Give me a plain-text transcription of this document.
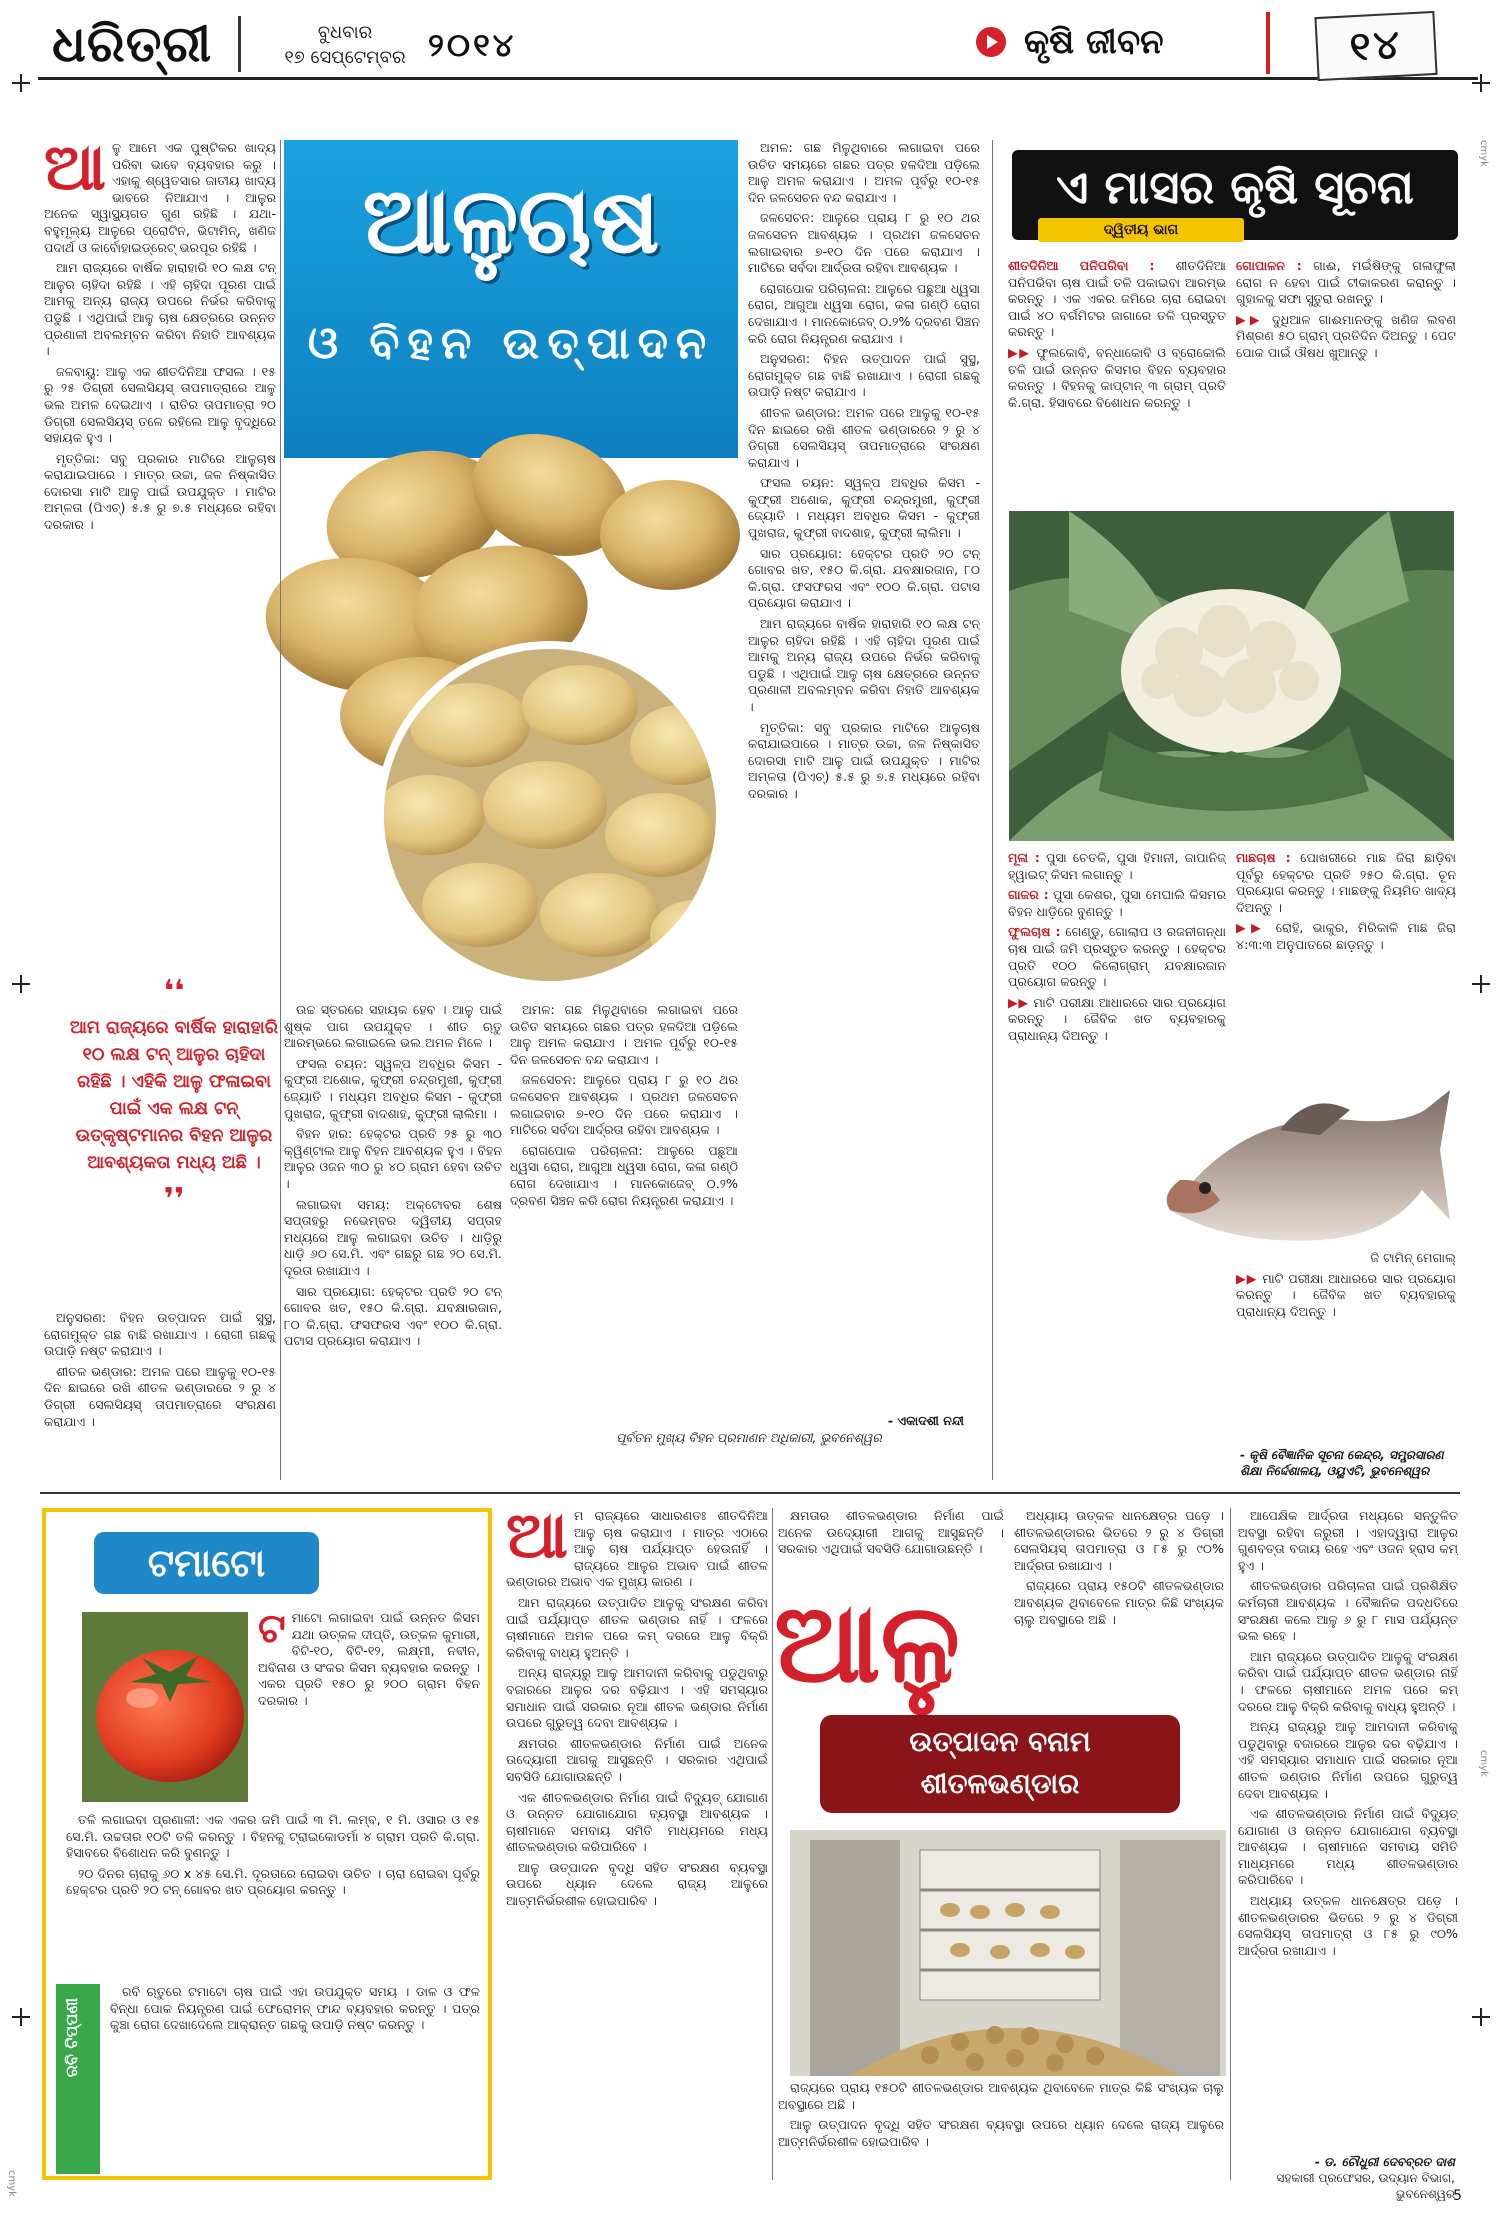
ଧରିତ୍ରୀ	ବୁଧବାର
୧୭ ସେପ୍ଟେମ୍ବର ୨୦୧୪	କୃଷି ଜୀବନ	୧୪
cmyk
cmyk
cmyk
ଆଳୁଚାଷ
ଓ ବିହନ ଉତ୍ପାଦନ
ଆ ଳୁ ଆମେ ଏକ ପୁଷ୍ଟିକର ଖାଦ୍ୟ ପରିବା ଭାବେ ବ୍ୟବହାର କରୁ । ଏହାକୁ ଶ୍ୱେତସାର ଜାତୀୟ ଖାଦ୍ୟ ଭାବରେ ନିଆଯାଏ । ଆଳୁର ଅନେକ ସ୍ୱାସ୍ଥ୍ୟଗତ ଗୁଣ ରହିଛି । ଯଥା- ବହୁମୂଲ୍ୟ ଆଳୁରେ ପ୍ରୋଟିନ, ଭିଟାମିନ୍, ଖଣିଜ ପଦାର୍ଥ ଓ କାର୍ବୋହାଇଡ୍ରେଟ୍ ଭରପୂର ରହିଛି ।

ଆମ ରାଜ୍ୟରେ ବାର୍ଷିକ ହାରାହାରି ୧୦ ଲକ୍ଷ ଟନ୍ ଆଳୁର ଚାହିଦା ରହିଛି । ଏହି ଚାହିଦା ପୂରଣ ପାଇଁ ଆମକୁ ଅନ୍ୟ ରାଜ୍ୟ ଉପରେ ନିର୍ଭର କରିବାକୁ ପଡୁଛି । ଏଥିପାଇଁ ଆଳୁ ଚାଷ କ୍ଷେତ୍ରରେ ଉନ୍ନତ ପ୍ରଣାଳୀ ଅବଲମ୍ବନ କରିବା ନିହାତି ଆବଶ୍ୟକ ।

ଜଳବାୟୁ: ଆଳୁ ଏକ ଶୀତଦିନିଆ ଫସଲ । ୧୫ ରୁ ୨୫ ଡିଗ୍ରୀ ସେଲସିୟସ୍ ତାପମାତ୍ରାରେ ଆଳୁ ଭଲ ଅମଳ ଦେଇଥାଏ । ରାତିର ତାପମାତ୍ରା ୨୦ ଡିଗ୍ରୀ ସେଲସିୟସ୍ ତଳେ ରହିଲେ ଆଳୁ ବୃଦ୍ଧିରେ ସହାୟକ ହୁଏ ।

ମୃତ୍ତିକା: ସବୁ ପ୍ରକାର ମାଟିରେ ଆଳୁଚାଷ କରାଯାଇପାରେ । ମାତ୍ର ଉଚ୍ଚା, ଜଳ ନିଷ୍କାସିତ ଦୋରସା ମାଟି ଆଳୁ ପାଇଁ ଉପଯୁକ୍ତ । ମାଟିର ଅମ୍ଳତା (ପିଏଚ୍) ୫.୫ ରୁ ୭.୫ ମଧ୍ୟରେ ରହିବା ଦରକାର ।

❛❛
ଆମ ରାଜ୍ୟରେ ବାର୍ଷିକ ହାରାହାରି ୧୦ ଲକ୍ଷ ଟନ୍ ଆଳୁର ଚାହିଦା ରହିଛି । ଏହିକି ଆଳୁ ଫଳାଇବା ପାଇଁ ଏକ ଲକ୍ଷ ଟନ୍ ଉତ୍କୃଷ୍ଟମାନର ବିହନ ଆଳୁର ଆବଶ୍ୟକତା ମଧ୍ୟ ଅଛି ।
❜❜

ଅନୁସରଣ: ବିହନ ଉତ୍ପାଦନ ପାଇଁ ସୁସ୍ଥ, ରୋଗମୁକ୍ତ ଗଛ ବାଛି ରଖାଯାଏ । ରୋଗୀ ଗଛକୁ ଉପାଡ଼ି ନଷ୍ଟ କରାଯାଏ ।

ଶୀତଳ ଭଣ୍ଡାର: ଅମଳ ପରେ ଆଳୁକୁ ୧୦-୧୫ ଦିନ ଛାଇରେ ରଖି ଶୀତଳ ଭଣ୍ଡାରରେ ୨ ରୁ ୪ ଡିଗ୍ରୀ ସେଲସିୟସ୍ ତାପମାତ୍ରାରେ ସଂରକ୍ଷଣ କରାଯାଏ ।

ଉଚ୍ଚ ସ୍ତରରେ ସହାୟକ ହେବ । ଆଳୁ ପାଇଁ ଶୁଷ୍କ ପାଗ ଉପଯୁକ୍ତ । ଶୀତ ଋତୁ ଆରମ୍ଭରେ ଲଗାଇଲେ ଭଲ ଅମଳ ମିଳେ ।

ଫସଲ ଚୟନ: ସ୍ୱଳ୍ପ ଅବଧିର କିସମ - କୁଫ୍ରୀ ଅଶୋକ, କୁଫ୍ରୀ ଚନ୍ଦ୍ରମୁଖୀ, କୁଫ୍ରୀ ଜ୍ୟୋତି । ମଧ୍ୟମ ଅବଧିର କିସମ - କୁଫ୍ରୀ ପୁଖରାଜ, କୁଫ୍ରୀ ବାଦଶାହ, କୁଫ୍ରୀ ଲାଲିମା ।

ବିହନ ହାର: ହେକ୍ଟର ପ୍ରତି ୨୫ ରୁ ୩୦ କ୍ୱିଣ୍ଟାଲ ଆଳୁ ବିହନ ଆବଶ୍ୟକ ହୁଏ । ବିହନ ଆଳୁର ଓଜନ ୩୦ ରୁ ୪୦ ଗ୍ରାମ ହେବା ଉଚିତ ।

ଲଗାଇବା ସମୟ: ଅକ୍ଟୋବର ଶେଷ ସପ୍ତାହରୁ ନଭେମ୍ବର ଦ୍ୱିତୀୟ ସପ୍ତାହ ମଧ୍ୟରେ ଆଳୁ ଲଗାଇବା ଉଚିତ । ଧାଡ଼ିରୁ ଧାଡ଼ି ୬୦ ସେ.ମି. ଏବଂ ଗଛରୁ ଗଛ ୨୦ ସେ.ମି. ଦୂରତା ରଖାଯାଏ ।

ସାର ପ୍ରୟୋଗ: ହେକ୍ଟର ପ୍ରତି ୨୦ ଟନ୍ ଗୋବର ଖତ, ୧୫୦ କି.ଗ୍ରା. ଯବକ୍ଷାରଜାନ, ୮୦ କି.ଗ୍ରା. ଫସଫରସ ଏବଂ ୧୦୦ କି.ଗ୍ରା. ପଟାସ ପ୍ରୟୋଗ କରାଯାଏ ।

ଅମଳ: ଗଛ ମିଳୁଥିବାରେ ଲଗାଇବା ପରେ ଉଚିତ ସମୟରେ ଗଛର ପତ୍ର ହଳଦିଆ ପଡ଼ିଲେ ଆଳୁ ଅମଳ କରାଯାଏ । ଅମଳ ପୂର୍ବରୁ ୧୦-୧୫ ଦିନ ଜଳସେଚନ ବନ୍ଦ କରାଯାଏ ।

ଜଳସେଚନ: ଆଳୁରେ ପ୍ରାୟ ୮ ରୁ ୧୦ ଥର ଜଳସେଚନ ଆବଶ୍ୟକ । ପ୍ରଥମ ଜଳସେଚନ ଲଗାଇବାର ୭-୧୦ ଦିନ ପରେ କରାଯାଏ । ମାଟିରେ ସର୍ବଦା ଆର୍ଦ୍ରତା ରହିବା ଆବଶ୍ୟକ ।

ରୋଗପୋକ ପରିଚାଳନା: ଆଳୁରେ ପଛୁଆ ଧ୍ୱସା ରୋଗ, ଆଗୁଆ ଧ୍ୱସା ରୋଗ, କଳା ଗଣ୍ଠି ରୋଗ ଦେଖାଯାଏ । ମାନକୋଜେବ୍ ୦.୨% ଦ୍ରବଣ ସିଞ୍ଚନ କରି ରୋଗ ନିୟନ୍ତ୍ରଣ କରାଯାଏ ।

ଅମଳ: ଗଛ ମିଳୁଥିବାରେ ଲଗାଇବା ପରେ ଉଚିତ ସମୟରେ ଗଛର ପତ୍ର ହଳଦିଆ ପଡ଼ିଲେ ଆଳୁ ଅମଳ କରାଯାଏ । ଅମଳ ପୂର୍ବରୁ ୧୦-୧୫ ଦିନ ଜଳସେଚନ ବନ୍ଦ କରାଯାଏ ।

ଜଳସେଚନ: ଆଳୁରେ ପ୍ରାୟ ୮ ରୁ ୧୦ ଥର ଜଳସେଚନ ଆବଶ୍ୟକ । ପ୍ରଥମ ଜଳସେଚନ ଲଗାଇବାର ୭-୧୦ ଦିନ ପରେ କରାଯାଏ । ମାଟିରେ ସର୍ବଦା ଆର୍ଦ୍ରତା ରହିବା ଆବଶ୍ୟକ ।

ରୋଗପୋକ ପରିଚାଳନା: ଆଳୁରେ ପଛୁଆ ଧ୍ୱସା ରୋଗ, ଆଗୁଆ ଧ୍ୱସା ରୋଗ, କଳା ଗଣ୍ଠି ରୋଗ ଦେଖାଯାଏ । ମାନକୋଜେବ୍ ୦.୨% ଦ୍ରବଣ ସିଞ୍ଚନ କରି ରୋଗ ନିୟନ୍ତ୍ରଣ କରାଯାଏ ।

ଅନୁସରଣ: ବିହନ ଉତ୍ପାଦନ ପାଇଁ ସୁସ୍ଥ, ରୋଗମୁକ୍ତ ଗଛ ବାଛି ରଖାଯାଏ । ରୋଗୀ ଗଛକୁ ଉପାଡ଼ି ନଷ୍ଟ କରାଯାଏ ।

ଶୀତଳ ଭଣ୍ଡାର: ଅମଳ ପରେ ଆଳୁକୁ ୧୦-୧୫ ଦିନ ଛାଇରେ ରଖି ଶୀତଳ ଭଣ୍ଡାରରେ ୨ ରୁ ୪ ଡିଗ୍ରୀ ସେଲସିୟସ୍ ତାପମାତ୍ରାରେ ସଂରକ୍ଷଣ କରାଯାଏ ।

ଫସଲ ଚୟନ: ସ୍ୱଳ୍ପ ଅବଧିର କିସମ - କୁଫ୍ରୀ ଅଶୋକ, କୁଫ୍ରୀ ଚନ୍ଦ୍ରମୁଖୀ, କୁଫ୍ରୀ ଜ୍ୟୋତି । ମଧ୍ୟମ ଅବଧିର କିସମ - କୁଫ୍ରୀ ପୁଖରାଜ, କୁଫ୍ରୀ ବାଦଶାହ, କୁଫ୍ରୀ ଲାଲିମା ।

ସାର ପ୍ରୟୋଗ: ହେକ୍ଟର ପ୍ରତି ୨୦ ଟନ୍ ଗୋବର ଖତ, ୧୫୦ କି.ଗ୍ରା. ଯବକ୍ଷାରଜାନ, ୮୦ କି.ଗ୍ରା. ଫସଫରସ ଏବଂ ୧୦୦ କି.ଗ୍ରା. ପଟାସ ପ୍ରୟୋଗ କରାଯାଏ ।

ଆମ ରାଜ୍ୟରେ ବାର୍ଷିକ ହାରାହାରି ୧୦ ଲକ୍ଷ ଟନ୍ ଆଳୁର ଚାହିଦା ରହିଛି । ଏହି ଚାହିଦା ପୂରଣ ପାଇଁ ଆମକୁ ଅନ୍ୟ ରାଜ୍ୟ ଉପରେ ନିର୍ଭର କରିବାକୁ ପଡୁଛି । ଏଥିପାଇଁ ଆଳୁ ଚାଷ କ୍ଷେତ୍ରରେ ଉନ୍ନତ ପ୍ରଣାଳୀ ଅବଲମ୍ବନ କରିବା ନିହାତି ଆବଶ୍ୟକ ।

ମୃତ୍ତିକା: ସବୁ ପ୍ରକାର ମାଟିରେ ଆଳୁଚାଷ କରାଯାଇପାରେ । ମାତ୍ର ଉଚ୍ଚା, ଜଳ ନିଷ୍କାସିତ ଦୋରସା ମାଟି ଆଳୁ ପାଇଁ ଉପଯୁକ୍ତ । ମାଟିର ଅମ୍ଳତା (ପିଏଚ୍) ୫.୫ ରୁ ୭.୫ ମଧ୍ୟରେ ରହିବା ଦରକାର ।

- ଏକାଦଶୀ ନନ୍ଦୀ
ପୂର୍ବତନ ମୁଖ୍ୟ ବିହନ ପ୍ରମାଣନ ଅଧିକାରୀ, ଭୁବନେଶ୍ୱର
ଏ ମାସର କୃଷି ସୂଚନା
ଦ୍ୱିତୀୟ ଭାଗ

ଶୀତଦିନିଆ ପନିପରିବା : ଶୀତଦିନିଆ ପନିପରିବା ଚାଷ ପାଇଁ ତଳି ପକାଇବା ଆରମ୍ଭ କରନ୍ତୁ । ଏକ ଏକର ଜମିରେ ଚାରା ରୋଇବା ପାଇଁ ୪୦ ବର୍ଗମିଟର ଜାଗାରେ ତଳି ପ୍ରସ୍ତୁତ କରନ୍ତୁ ।

▶▶ ଫୁଲକୋବି, ବନ୍ଧାକୋବି ଓ ବ୍ରୋକୋଲି ତଳି ପାଇଁ ଉନ୍ନତ କିସମର ବିହନ ବ୍ୟବହାର କରନ୍ତୁ । ବିହନକୁ କାପ୍ଟାନ୍ ୩ ଗ୍ରାମ୍ ପ୍ରତି କି.ଗ୍ରା. ହିସାବରେ ବିଶୋଧନ କରନ୍ତୁ ।

ଗୋପାଳନ : ଗାଈ, ମଇଁଷିଙ୍କୁ ଗଳାଫୁଲା ରୋଗ ନ ହେବା ପାଇଁ ଟୀକାକରଣ କରାନ୍ତୁ । ଗୁହାଳକୁ ସଫା ସୁତୁରା ରଖନ୍ତୁ ।

▶▶ ଦୁଧିଆଳ ଗାଈମାନଙ୍କୁ ଖଣିଜ ଲବଣ ମିଶ୍ରଣ ୫୦ ଗ୍ରାମ୍ ପ୍ରତିଦିନ ଦିଅନ୍ତୁ । ପେଟ ପୋକ ପାଇଁ ଔଷଧ ଖୁଆନ୍ତୁ ।

ମୂଳା : ପୁସା ଚେତକି, ପୁସା ହିମାନୀ, ଜାପାନିଜ୍ ହ୍ୱାଇଟ୍ କିସମ ଲଗାନ୍ତୁ ।

ଗାଜର : ପୁସା କେଶର, ପୁସା ମେଘାଲି କିସମର ବିହନ ଧାଡ଼ିରେ ବୁଣନ୍ତୁ ।

ଫୁଲଚାଷ : ଗେଣ୍ଡୁ, ଗୋଲାପ ଓ ରଜନୀଗନ୍ଧା ଚାଷ ପାଇଁ ଜମି ପ୍ରସ୍ତୁତ କରନ୍ତୁ । ହେକ୍ଟର ପ୍ରତି ୧୦୦ କିଲୋଗ୍ରାମ୍ ଯବକ୍ଷାରଜାନ ପ୍ରୟୋଗ କରନ୍ତୁ ।

▶▶ ମାଟି ପରୀକ୍ଷା ଆଧାରରେ ସାର ପ୍ରୟୋଗ କରନ୍ତୁ । ଜୈବିକ ଖତ ବ୍ୟବହାରକୁ ପ୍ରାଧାନ୍ୟ ଦିଅନ୍ତୁ ।

ମାଛଚାଷ : ପୋଖରୀରେ ମାଛ ଜିରା ଛାଡ଼ିବା ପୂର୍ବରୁ ହେକ୍ଟର ପ୍ରତି ୨୫୦ କି.ଗ୍ରା. ଚୂନ ପ୍ରୟୋଗ କରନ୍ତୁ । ମାଛଙ୍କୁ ନିୟମିତ ଖାଦ୍ୟ ଦିଅନ୍ତୁ ।

▶▶ ରୋହି, ଭାକୁର, ମିରିକାଳି ମାଛ ଜିରା ୪:୩:୩ ଅନୁପାତରେ ଛାଡ଼ନ୍ତୁ ।

ଜି ଟାମିନ୍ ମେଗାଲ୍

▶▶ ମାଟି ପରୀକ୍ଷା ଆଧାରରେ ସାର ପ୍ରୟୋଗ କରନ୍ତୁ । ଜୈବିକ ଖତ ବ୍ୟବହାରକୁ ପ୍ରାଧାନ୍ୟ ଦିଅନ୍ତୁ ।

- କୃଷି ବୈଜ୍ଞାନିକ ସୂଚନା କେନ୍ଦ୍ର, ସମ୍ପ୍ରସାରଣ ଶିକ୍ଷା ନିର୍ଦ୍ଦେଶାଳୟ, ଓୟୁଏଟି, ଭୁବନେଶ୍ୱର
ଟମାଟୋ
ଟ ମାଟୋ ଲଗାଇବା ପାଇଁ ଉନ୍ନତ କିସମ ଯଥା ଉତ୍କଳ ଦୀପ୍ତି, ଉତ୍କଳ କୁମାରୀ, ବିଟି-୧୦, ବିଟି-୧୨, ଲକ୍ଷ୍ମୀ, ନବୀନ, ଅବିନାଶ ଓ ସଂକର କିସମ ବ୍ୟବହାର କରନ୍ତୁ । ଏକର ପ୍ରତି ୧୫୦ ରୁ ୨୦୦ ଗ୍ରାମ ବିହନ ଦରକାର ।

ତଳି ଲଗାଇବା ପ୍ରଣାଳୀ: ଏକ ଏକର ଜମି ପାଇଁ ୩ ମି. ଲମ୍ବ, ୧ ମି. ଓସାର ଓ ୧୫ ସେ.ମି. ଉଚ୍ଚତାର ୧୦ଟି ତଳି କରନ୍ତୁ । ବିହନକୁ ଟ୍ରାଇକୋଡର୍ମା ୪ ଗ୍ରାମ ପ୍ରତି କି.ଗ୍ରା. ହିସାବରେ ବିଶୋଧନ କରି ବୁଣନ୍ତୁ ।

୨୦ ଦିନର ଚାରାକୁ ୬୦ x ୪୫ ସେ.ମି. ଦୂରତାରେ ରୋଇବା ଉଚିତ । ଚାରା ରୋଇବା ପୂର୍ବରୁ ହେକ୍ଟର ପ୍ରତି ୨୦ ଟନ୍ ଗୋବର ଖତ ପ୍ରୟୋଗ କରନ୍ତୁ ।

ରବି ଟିପ୍ପଣୀ

ରବି ଋତୁରେ ଟମାଟୋ ଚାଷ ପାଇଁ ଏହା ଉପଯୁକ୍ତ ସମୟ । ଡାଳ ଓ ଫଳ ବିନ୍ଧା ପୋକ ନିୟନ୍ତ୍ରଣ ପାଇଁ ଫେରୋମନ୍ ଫାନ୍ଦ ବ୍ୟବହାର କରନ୍ତୁ । ପତ୍ର କୁଞ୍ଚା ରୋଗ ଦେଖାଦେଲେ ଆକ୍ରାନ୍ତ ଗଛକୁ ଉପାଡ଼ି ନଷ୍ଟ କରନ୍ତୁ ।

ଆ ମ ରାଜ୍ୟରେ ସାଧାରଣତଃ ଶୀତଦିନିଆ ଆଳୁ ଚାଷ କରାଯାଏ । ମାତ୍ର ଏଠାରେ ଆଳୁ ଚାଷ ପର୍ଯ୍ୟାପ୍ତ ହେଉନାହିଁ । ରାଜ୍ୟରେ ଆଳୁର ଅଭାବ ପାଇଁ ଶୀତଳ ଭଣ୍ଡାରର ଅଭାବ ଏକ ମୁଖ୍ୟ କାରଣ ।

ଆମ ରାଜ୍ୟରେ ଉତ୍ପାଦିତ ଆଳୁକୁ ସଂରକ୍ଷଣ କରିବା ପାଇଁ ପର୍ଯ୍ୟାପ୍ତ ଶୀତଳ ଭଣ୍ଡାର ନାହିଁ । ଫଳରେ ଚାଷୀମାନେ ଅମଳ ପରେ କମ୍ ଦରରେ ଆଳୁ ବିକ୍ରି କରିବାକୁ ବାଧ୍ୟ ହୁଅନ୍ତି ।

ଅନ୍ୟ ରାଜ୍ୟରୁ ଆଳୁ ଆମଦାନୀ କରିବାକୁ ପଡୁଥିବାରୁ ବଜାରରେ ଆଳୁର ଦର ବଢ଼ିଯାଏ । ଏହି ସମସ୍ୟାର ସମାଧାନ ପାଇଁ ସରକାର ନୂଆ ଶୀତଳ ଭଣ୍ଡାର ନିର୍ମାଣ ଉପରେ ଗୁରୁତ୍ୱ ଦେବା ଆବଶ୍ୟକ ।

କ୍ଷମତାର ଶୀତଳଭଣ୍ଡାର ନିର୍ମାଣ ପାଇଁ ଅନେକ ଉଦ୍ୟୋଗୀ ଆଗକୁ ଆସୁଛନ୍ତି । ସରକାର ଏଥିପାଇଁ ସବସିଡି ଯୋଗାଉଛନ୍ତି ।

ଏକ ଶୀତଳଭଣ୍ଡାର ନିର୍ମାଣ ପାଇଁ ବିଦ୍ୟୁତ୍ ଯୋଗାଣ ଓ ଉନ୍ନତ ଯୋଗାଯୋଗ ବ୍ୟବସ୍ଥା ଆବଶ୍ୟକ । ଚାଷୀମାନେ ସମବାୟ ସମିତି ମାଧ୍ୟମରେ ମଧ୍ୟ ଶୀତଳଭଣ୍ଡାର କରିପାରିବେ ।

ଆଳୁ ଉତ୍ପାଦନ ବୃଦ୍ଧି ସହିତ ସଂରକ୍ଷଣ ବ୍ୟବସ୍ଥା ଉପରେ ଧ୍ୟାନ ଦେଲେ ରାଜ୍ୟ ଆଳୁରେ ଆତ୍ମନିର୍ଭରଶୀଳ ହୋଇପାରିବ ।

କ୍ଷମତାର ଶୀତଳଭଣ୍ଡାର ନିର୍ମାଣ ପାଇଁ ଅନେକ ଉଦ୍ୟୋଗୀ ଆଗକୁ ଆସୁଛନ୍ତି । ସରକାର ଏଥିପାଇଁ ସବସିଡି ଯୋଗାଉଛନ୍ତି ।

ଅଧ୍ୟାୟ ଉତ୍କଳ ଧାନକ୍ଷେତ୍ର ପଡ଼େ । ଶୀତଳଭଣ୍ଡାରର ଭିତରେ ୨ ରୁ ୪ ଡିଗ୍ରୀ ସେଲସିୟସ୍ ତାପମାତ୍ରା ଓ ୮୫ ରୁ ୯୦% ଆର୍ଦ୍ରତା ରଖାଯାଏ ।

ରାଜ୍ୟରେ ପ୍ରାୟ ୧୫୦ଟି ଶୀତଳଭଣ୍ଡାର ଆବଶ୍ୟକ ଥିବାବେଳେ ମାତ୍ର କିଛି ସଂଖ୍ୟକ ଚାଲୁ ଅବସ୍ଥାରେ ଅଛି ।

ଆଳୁ
ଉତ୍ପାଦନ ବନାମ
ଶୀତଳଭଣ୍ଡାର

ରାଜ୍ୟରେ ପ୍ରାୟ ୧୫୦ଟି ଶୀତଳଭଣ୍ଡାର ଆବଶ୍ୟକ ଥିବାବେଳେ ମାତ୍ର କିଛି ସଂଖ୍ୟକ ଚାଲୁ ଅବସ୍ଥାରେ ଅଛି ।

ଆଳୁ ଉତ୍ପାଦନ ବୃଦ୍ଧି ସହିତ ସଂରକ୍ଷଣ ବ୍ୟବସ୍ଥା ଉପରେ ଧ୍ୟାନ ଦେଲେ ରାଜ୍ୟ ଆଳୁରେ ଆତ୍ମନିର୍ଭରଶୀଳ ହୋଇପାରିବ ।

ଆପେକ୍ଷିକ ଆର୍ଦ୍ରତା ମଧ୍ୟରେ ସନ୍ତୁଳିତ ଅବସ୍ଥା ରହିବା ଜରୁରୀ । ଏହାଦ୍ୱାରା ଆଳୁର ଗୁଣବତ୍ତା ବଜାୟ ରହେ ଏବଂ ଓଜନ ହ୍ରାସ କମ୍ ହୁଏ ।

ଶୀତଳଭଣ୍ଡାର ପରିଚାଳନା ପାଇଁ ପ୍ରଶିକ୍ଷିତ କର୍ମଚାରୀ ଆବଶ୍ୟକ । ବୈଜ୍ଞାନିକ ପଦ୍ଧତିରେ ସଂରକ୍ଷଣ କଲେ ଆଳୁ ୬ ରୁ ୮ ମାସ ପର୍ଯ୍ୟନ୍ତ ଭଲ ରହେ ।

ଆମ ରାଜ୍ୟରେ ଉତ୍ପାଦିତ ଆଳୁକୁ ସଂରକ୍ଷଣ କରିବା ପାଇଁ ପର୍ଯ୍ୟାପ୍ତ ଶୀତଳ ଭଣ୍ଡାର ନାହିଁ । ଫଳରେ ଚାଷୀମାନେ ଅମଳ ପରେ କମ୍ ଦରରେ ଆଳୁ ବିକ୍ରି କରିବାକୁ ବାଧ୍ୟ ହୁଅନ୍ତି ।

ଅନ୍ୟ ରାଜ୍ୟରୁ ଆଳୁ ଆମଦାନୀ କରିବାକୁ ପଡୁଥିବାରୁ ବଜାରରେ ଆଳୁର ଦର ବଢ଼ିଯାଏ । ଏହି ସମସ୍ୟାର ସମାଧାନ ପାଇଁ ସରକାର ନୂଆ ଶୀତଳ ଭଣ୍ଡାର ନିର୍ମାଣ ଉପରେ ଗୁରୁତ୍ୱ ଦେବା ଆବଶ୍ୟକ ।

ଏକ ଶୀତଳଭଣ୍ଡାର ନିର୍ମାଣ ପାଇଁ ବିଦ୍ୟୁତ୍ ଯୋଗାଣ ଓ ଉନ୍ନତ ଯୋଗାଯୋଗ ବ୍ୟବସ୍ଥା ଆବଶ୍ୟକ । ଚାଷୀମାନେ ସମବାୟ ସମିତି ମାଧ୍ୟମରେ ମଧ୍ୟ ଶୀତଳଭଣ୍ଡାର କରିପାରିବେ ।

ଅଧ୍ୟାୟ ଉତ୍କଳ ଧାନକ୍ଷେତ୍ର ପଡ଼େ । ଶୀତଳଭଣ୍ଡାରର ଭିତରେ ୨ ରୁ ୪ ଡିଗ୍ରୀ ସେଲସିୟସ୍ ତାପମାତ୍ରା ଓ ୮୫ ରୁ ୯୦% ଆର୍ଦ୍ରତା ରଖାଯାଏ ।

- ଡ. ଚୌଧୁରୀ ଦେବବ୍ରତ ଦାଶ
ସହକାରୀ ପ୍ରଫେସର, ଉଦ୍ୟାନ ବିଭାଗ, ଭୁବନେଶ୍ୱର
5
